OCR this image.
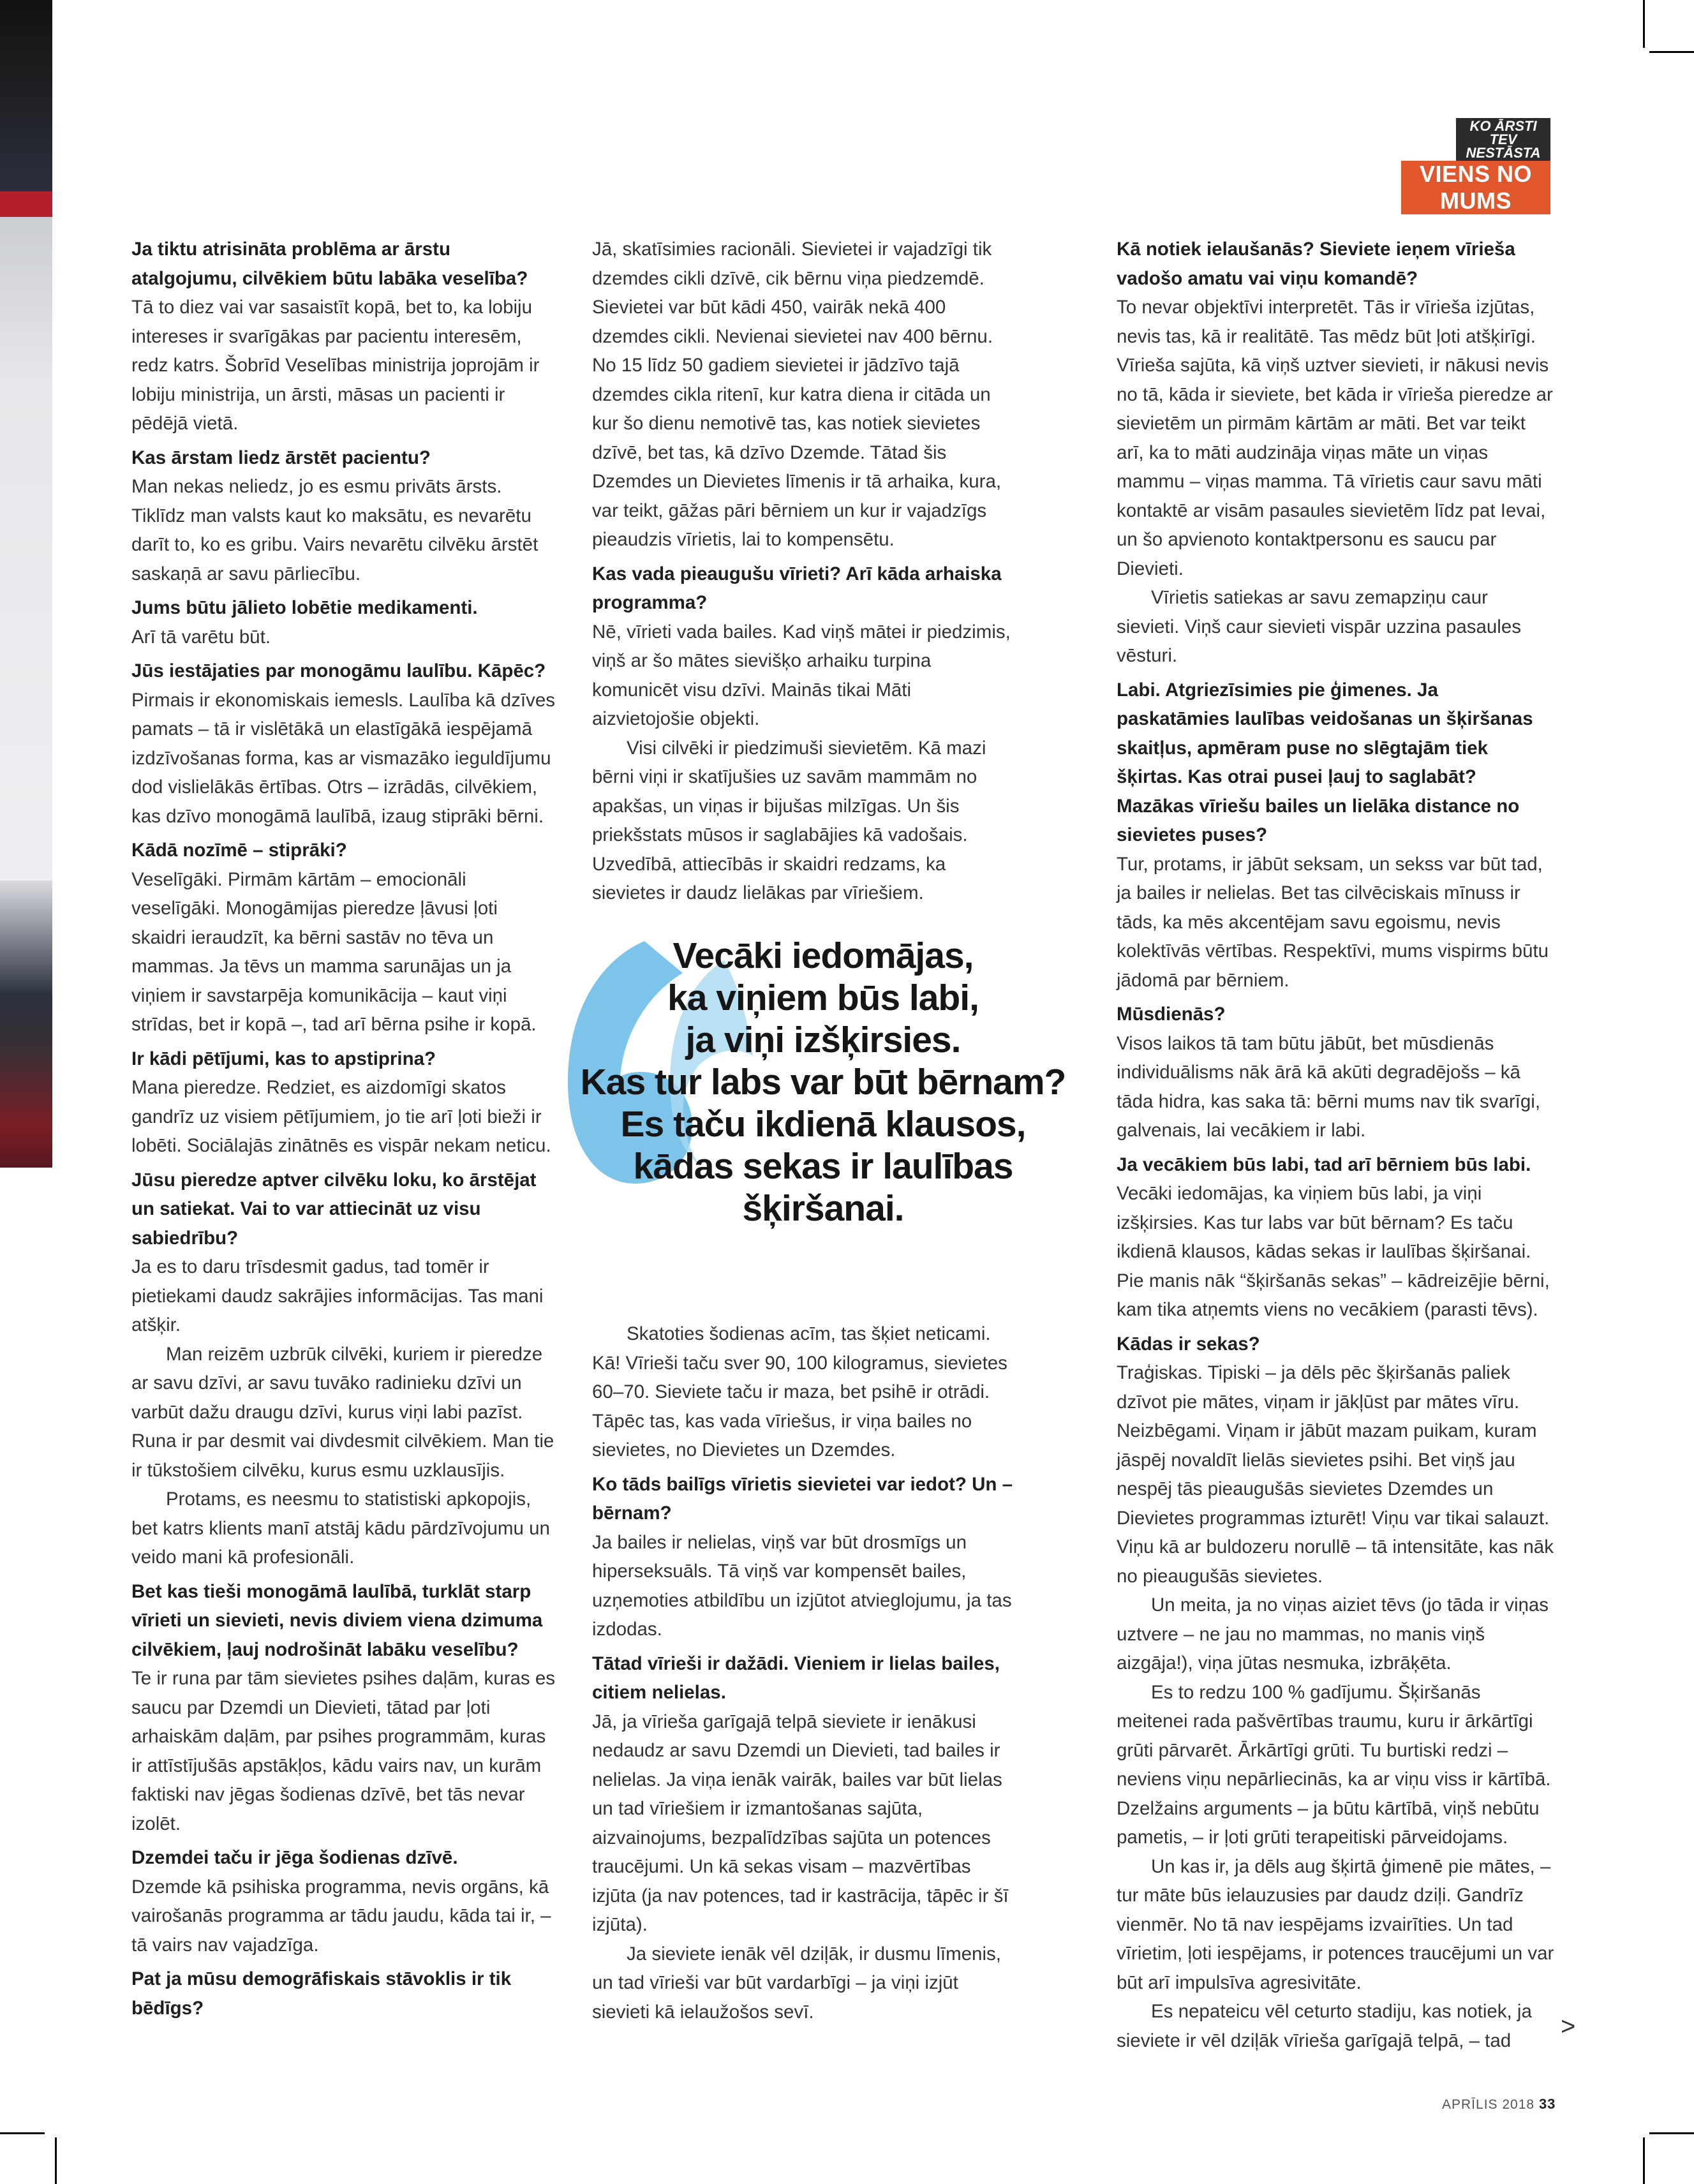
KO ĀRSTI TEV NESTĀSTA
VIENS NO MUMS

Ja tiktu atrisināta problēma ar ārstu atalgojumu, cilvēkiem būtu labāka veselība?

Tā to diez vai var sasaistīt kopā, bet to, ka lobiju intereses ir svarīgākas par pacientu interesēm, redz katrs. Šobrīd Veselības ministrija joprojām ir lobiju ministrija, un ārsti, māsas un pacienti ir pēdējā vietā.

Kas ārstam liedz ārstēt pacientu?

Man nekas neliedz, jo es esmu privāts ārsts. Tiklīdz man valsts kaut ko maksātu, es nevarētu darīt to, ko es gribu. Vairs nevarētu cilvēku ārstēt saskaņā ar savu pārliecību.

Jums būtu jālieto lobētie medikamenti.

Arī tā varētu būt.

Jūs iestājaties par monogāmu laulību. Kāpēc?

Pirmais ir ekonomiskais iemesls. Laulība kā dzīves pamats – tā ir vislētākā un elastīgākā iespējamā izdzīvošanas forma, kas ar vismazāko ieguldījumu dod vislielākās ērtības. Otrs – izrādās, cilvēkiem, kas dzīvo monogāmā laulībā, izaug stiprāki bērni.

Kādā nozīmē – stiprāki?

Veselīgāki. Pirmām kārtām – emocionāli veselīgāki. Monogāmijas pieredze ļāvusi ļoti skaidri ieraudzīt, ka bērni sastāv no tēva un mammas. Ja tēvs un mamma sarunājas un ja viņiem ir savstarpēja komunikācija – kaut viņi strīdas, bet ir kopā –, tad arī bērna psihe ir kopā.

Ir kādi pētījumi, kas to apstiprina?

Mana pieredze. Redziet, es aizdomīgi skatos gandrīz uz visiem pētījumiem, jo tie arī ļoti bieži ir lobēti. Sociālajās zinātnēs es vispār nekam neticu.

Jūsu pieredze aptver cilvēku loku, ko ārstējat un satiekat. Vai to var attiecināt uz visu sabiedrību?

Ja es to daru trīsdesmit gadus, tad tomēr ir pietiekami daudz sakrājies informācijas. Tas mani atšķir.

Man reizēm uzbrūk cilvēki, kuriem ir pieredze ar savu dzīvi, ar savu tuvāko radinieku dzīvi un varbūt dažu draugu dzīvi, kurus viņi labi pazīst. Runa ir par desmit vai divdesmit cilvēkiem. Man tie ir tūkstošiem cilvēku, kurus esmu uzklausījis.

Protams, es neesmu to statistiski apkopojis, bet katrs klients manī atstāj kādu pārdzīvojumu un veido mani kā profesionāli.

Bet kas tieši monogāmā laulībā, turklāt starp vīrieti un sievieti, nevis diviem viena dzimuma cilvēkiem, ļauj nodrošināt labāku veselību?

Te ir runa par tām sievietes psihes daļām, kuras es saucu par Dzemdi un Dievieti, tātad par ļoti arhaiskām daļām, par psihes programmām, kuras ir attīstījušās apstākļos, kādu vairs nav, un kurām faktiski nav jēgas šodienas dzīvē, bet tās nevar izolēt.

Dzemdei taču ir jēga šodienas dzīvē.

Dzemde kā psihiska programma, nevis orgāns, kā vairošanās programma ar tādu jaudu, kāda tai ir, – tā vairs nav vajadzīga.

Pat ja mūsu demogrāfiskais stāvoklis ir tik bēdīgs?

Jā, skatīsimies racionāli. Sievietei ir vajadzīgi tik dzemdes cikli dzīvē, cik bērnu viņa piedzemdē. Sievietei var būt kādi 450, vairāk nekā 400 dzemdes cikli. Nevienai sievietei nav 400 bērnu. No 15 līdz 50 gadiem sievietei ir jādzīvo tajā dzemdes cikla ritenī, kur katra diena ir citāda un kur šo dienu nemotivē tas, kas notiek sievietes dzīvē, bet tas, kā dzīvo Dzemde. Tātad šis Dzemdes un Dievietes līmenis ir tā arhaika, kura, var teikt, gāžas pāri bērniem un kur ir vajadzīgs pieaudzis vīrietis, lai to kompensētu.

Kas vada pieaugušu vīrieti? Arī kāda arhaiska programma?

Nē, vīrieti vada bailes. Kad viņš mātei ir piedzimis, viņš ar šo mātes sievišķo arhaiku turpina komunicēt visu dzīvi. Mainās tikai Māti aizvietojošie objekti.

Visi cilvēki ir piedzimuši sievietēm. Kā mazi bērni viņi ir skatījušies uz savām mammām no apakšas, un viņas ir bijušas milzīgas. Un šis priekšstats mūsos ir saglabājies kā vadošais. Uzvedībā, attiecībās ir skaidri redzams, ka sievietes ir daudz lielākas par vīriešiem.

Skatoties šodienas acīm, tas šķiet neticami. Kā! Vīrieši taču sver 90, 100 kilogramus, sievietes 60–70. Sieviete taču ir maza, bet psihē ir otrādi. Tāpēc tas, kas vada vīriešus, ir viņa bailes no sievietes, no Dievietes un Dzemdes.

Ko tāds bailīgs vīrietis sievietei var iedot? Un – bērnam?

Ja bailes ir nelielas, viņš var būt drosmīgs un hiperseksuāls. Tā viņš var kompensēt bailes, uzņemoties atbildību un izjūtot atvieglojumu, ja tas izdodas.

Tātad vīrieši ir dažādi. Vieniem ir lielas bailes, citiem nelielas.

Jā, ja vīrieša garīgajā telpā sieviete ir ienākusi nedaudz ar savu Dzemdi un Dievieti, tad bailes ir nelielas. Ja viņa ienāk vairāk, bailes var būt lielas un tad vīriešiem ir izmantošanas sajūta, aizvainojums, bezpalīdzības sajūta un potences traucējumi. Un kā sekas visam – mazvērtības izjūta (ja nav potences, tad ir kastrācija, tāpēc ir šī izjūta).

Ja sieviete ienāk vēl dziļāk, ir dusmu līmenis, un tad vīrieši var būt vardarbīgi – ja viņi izjūt sievieti kā ielaužošos sevī.

Kā notiek ielaušanās? Sieviete ieņem vīrieša vadošo amatu vai viņu komandē?

To nevar objektīvi interpretēt. Tās ir vīrieša izjūtas, nevis tas, kā ir realitātē. Tas mēdz būt ļoti atšķirīgi. Vīrieša sajūta, kā viņš uztver sievieti, ir nākusi nevis no tā, kāda ir sieviete, bet kāda ir vīrieša pieredze ar sievietēm un pirmām kārtām ar māti. Bet var teikt arī, ka to māti audzināja viņas māte un viņas mammu – viņas mamma. Tā vīrietis caur savu māti kontaktē ar visām pasaules sievietēm līdz pat Ievai, un šo apvienoto kontaktpersonu es saucu par Dievieti.

Vīrietis satiekas ar savu zemapziņu caur sievieti. Viņš caur sievieti vispār uzzina pasaules vēsturi.

Labi. Atgriezīsimies pie ģimenes. Ja paskatāmies laulības veidošanas un šķiršanas skaitļus, apmēram puse no slēgtajām tiek šķirtas. Kas otrai pusei ļauj to saglabāt? Mazākas vīriešu bailes un lielāka distance no sievietes puses?

Tur, protams, ir jābūt seksam, un sekss var būt tad, ja bailes ir nelielas. Bet tas cilvēciskais mīnuss ir tāds, ka mēs akcentējam savu egoismu, nevis kolektīvās vērtības. Respektīvi, mums vispirms būtu jādomā par bērniem.

Mūsdienās?

Visos laikos tā tam būtu jābūt, bet mūsdienās individuālisms nāk ārā kā akūti degradējošs – kā tāda hidra, kas saka tā: bērni mums nav tik svarīgi, galvenais, lai vecākiem ir labi.

Ja vecākiem būs labi, tad arī bērniem būs labi.

Vecāki iedomājas, ka viņiem būs labi, ja viņi izšķirsies. Kas tur labs var būt bērnam? Es taču ikdienā klausos, kādas sekas ir laulības šķiršanai. Pie manis nāk “šķiršanās sekas” – kādreizējie bērni, kam tika atņemts viens no vecākiem (parasti tēvs).

Kādas ir sekas?

Traģiskas. Tipiski – ja dēls pēc šķiršanās paliek dzīvot pie mātes, viņam ir jākļūst par mātes vīru. Neizbēgami. Viņam ir jābūt mazam puikam, kuram jāspēj novaldīt lielās sievietes psihi. Bet viņš jau nespēj tās pieaugušās sievietes Dzemdes un Dievietes programmas izturēt! Viņu var tikai salauzt. Viņu kā ar buldozeru norullē – tā intensitāte, kas nāk no pieaugušās sievietes.

Un meita, ja no viņas aiziet tēvs (jo tāda ir viņas uztvere – ne jau no mammas, no manis viņš aizgāja!), viņa jūtas nesmuka, izbrāķēta.

Es to redzu 100 % gadījumu. Šķiršanās meitenei rada pašvērtības traumu, kuru ir ārkārtīgi grūti pārvarēt. Ārkārtīgi grūti. Tu burtiski redzi – neviens viņu nepārliecinās, ka ar viņu viss ir kārtībā. Dzelžains arguments – ja būtu kārtībā, viņš nebūtu pametis, – ir ļoti grūti terapeitiski pārveidojams.

Un kas ir, ja dēls aug šķirtā ģimenē pie mātes, – tur māte būs ielauzusies par daudz dziļi. Gandrīz vienmēr. No tā nav iespējams izvairīties. Un tad vīrietim, ļoti iespējams, ir potences traucējumi un var būt arī impulsīva agresivitāte.

Es nepateicu vēl ceturto stadiju, kas notiek, ja sieviete ir vēl dziļāk vīrieša garīgajā telpā, – tad

Vecāki iedomājas,
ka viņiem būs labi,
ja viņi izšķirsies.
Kas tur labs var būt bērnam?
Es taču ikdienā klausos,
kādas sekas ir laulības
šķiršanai.
>
APRĪLIS 2018 33
